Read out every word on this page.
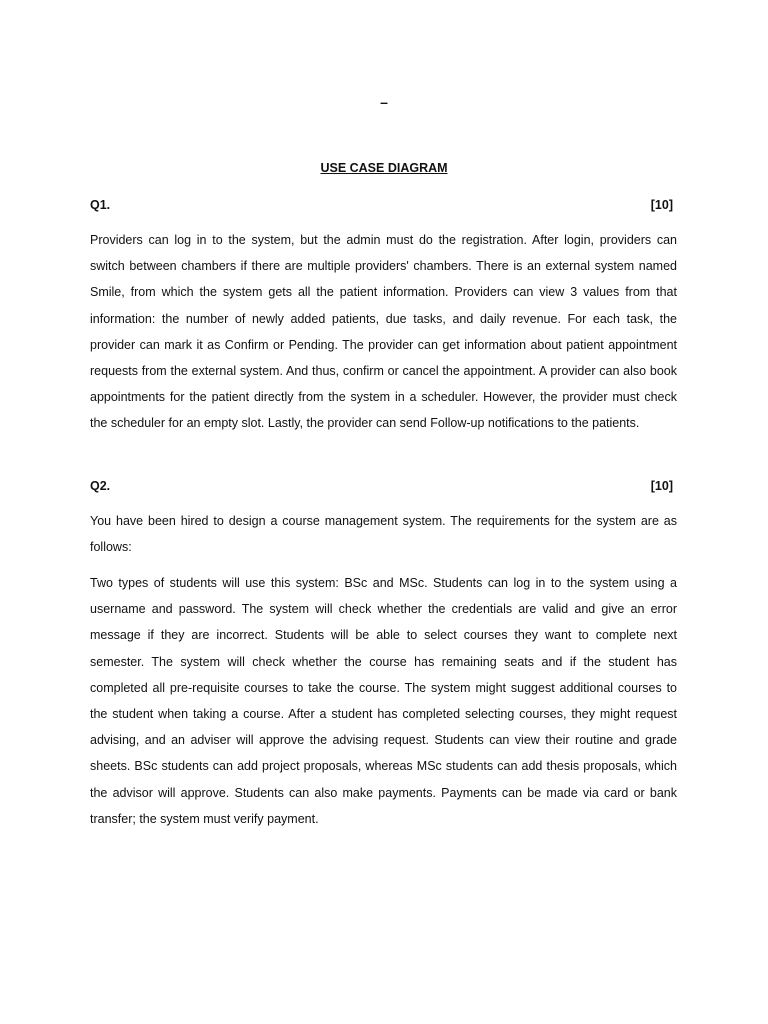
–
USE CASE DIAGRAM
Q1.	[10]

Providers can log in to the system, but the admin must do the registration. After login, providers can switch between chambers if there are multiple providers' chambers. There is an external system named Smile, from which the system gets all the patient information. Providers can view 3 values from that information: the number of newly added patients, due tasks, and daily revenue. For each task, the provider can mark it as Confirm or Pending. The provider can get information about patient appointment requests from the external system. And thus, confirm or cancel the appointment. A provider can also book appointments for the patient directly from the system in a scheduler. However, the provider must check the scheduler for an empty slot. Lastly, the provider can send Follow-up notifications to the patients.

Q2.	[10]

You have been hired to design a course management system. The requirements for the system are as follows:

Two types of students will use this system: BSc and MSc. Students can log in to the system using a username and password. The system will check whether the credentials are valid and give an error message if they are incorrect. Students will be able to select courses they want to complete next semester. The system will check whether the course has remaining seats and if the student has completed all pre-requisite courses to take the course. The system might suggest additional courses to the student when taking a course. After a student has completed selecting courses, they might request advising, and an adviser will approve the advising request. Students can view their routine and grade sheets. BSc students can add project proposals, whereas MSc students can add thesis proposals, which the advisor will approve. Students can also make payments. Payments can be made via card or bank transfer; the system must verify payment.
